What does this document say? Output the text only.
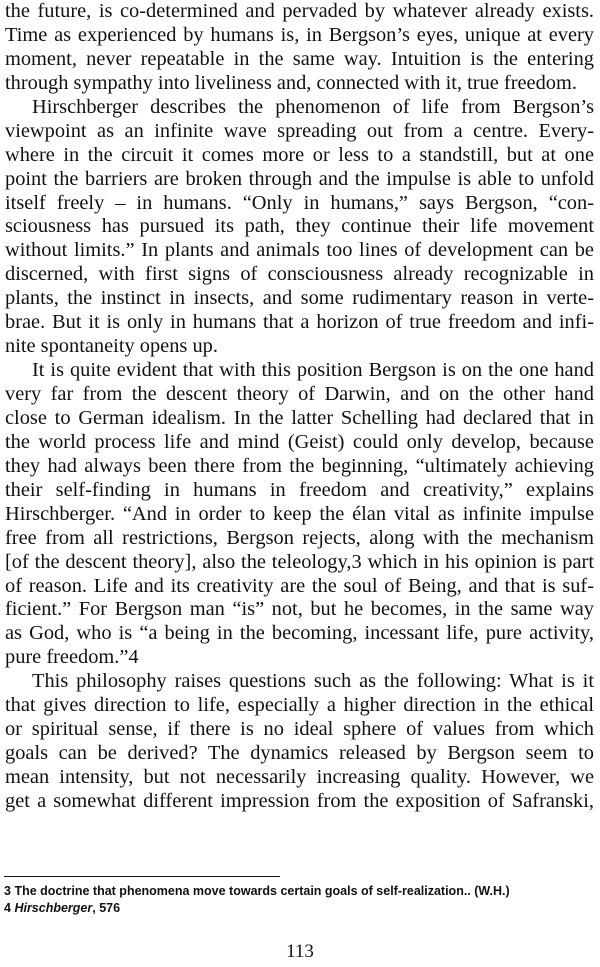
the future, is co-determined and pervaded by whatever already exists.
Time as experienced by humans is, in Bergson’s eyes, unique at every
moment, never repeatable in the same way. Intuition is the entering
through sympathy into liveliness and, connected with it, true freedom.
Hirschberger describes the phenomenon of life from Bergson’s
viewpoint as an infinite wave spreading out from a centre. Every-
where in the circuit it comes more or less to a standstill, but at one
point the barriers are broken through and the impulse is able to unfold
itself freely – in humans. “Only in humans,” says Bergson, “con-
sciousness has pursued its path, they continue their life movement
without limits.” In plants and animals too lines of development can be
discerned, with first signs of consciousness already recognizable in
plants, the instinct in insects, and some rudimentary reason in verte-
brae. But it is only in humans that a horizon of true freedom and infi-
nite spontaneity opens up.
It is quite evident that with this position Bergson is on the one hand
very far from the descent theory of Darwin, and on the other hand
close to German idealism. In the latter Schelling had declared that in
the world process life and mind (Geist) could only develop, because
they had always been there from the beginning, “ultimately achieving
their self-finding in humans in freedom and creativity,” explains
Hirschberger. “And in order to keep the élan vital as infinite impulse
free from all restrictions, Bergson rejects, along with the mechanism
[of the descent theory], also the teleology,3 which in his opinion is part
of reason. Life and its creativity are the soul of Being, and that is suf-
ficient.” For Bergson man “is” not, but he becomes, in the same way
as God, who is “a being in the becoming, incessant life, pure activity,
pure freedom.”4
This philosophy raises questions such as the following: What is it
that gives direction to life, especially a higher direction in the ethical
or spiritual sense, if there is no ideal sphere of values from which
goals can be derived? The dynamics released by Bergson seem to
mean intensity, but not necessarily increasing quality. However, we
get a somewhat different impression from the exposition of Safranski,
3 The doctrine that phenomena move towards certain goals of self-realization.. (W.H.)
4 Hirschberger, 576
113
